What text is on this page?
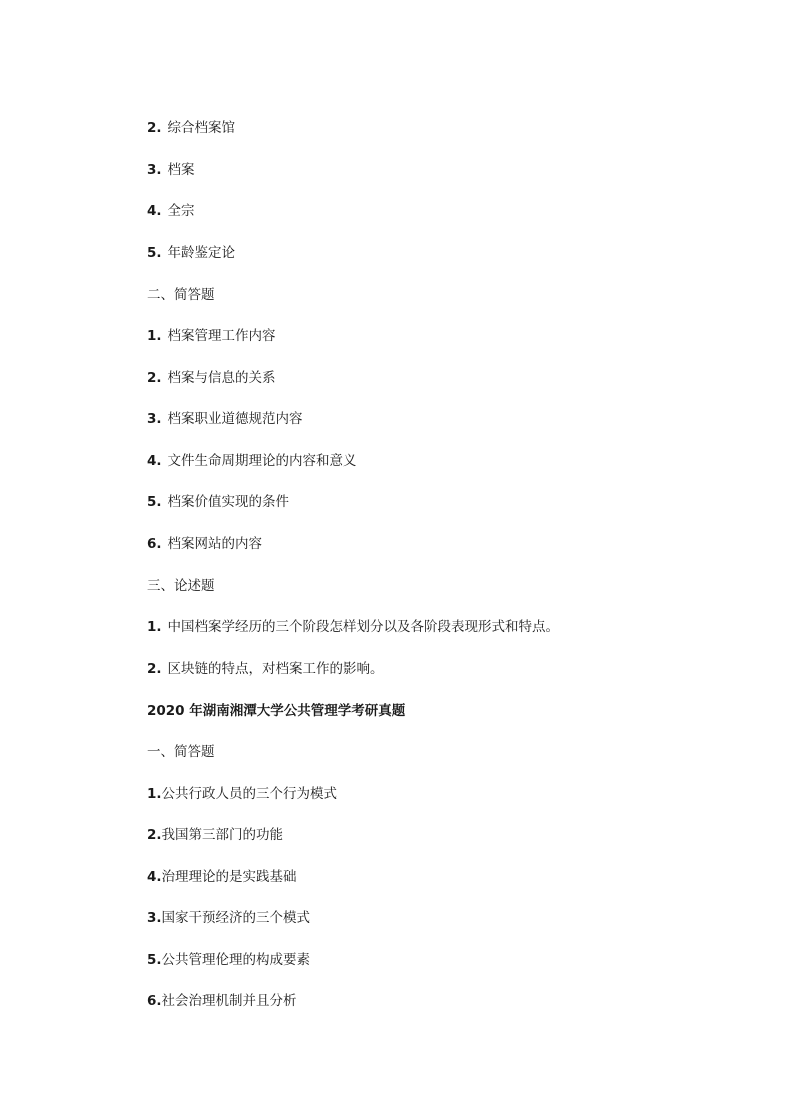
2. 综合档案馆
3. 档案
4. 全宗
5. 年龄鉴定论
二、简答题
1. 档案管理工作内容
2. 档案与信息的关系
3. 档案职业道德规范内容
4. 文件生命周期理论的内容和意义
5. 档案价值实现的条件
6. 档案网站的内容
三、论述题
1. 中国档案学经历的三个阶段怎样划分以及各阶段表现形式和特点。
2. 区块链的特点，对档案工作的影响。
2020 年湖南湘潭大学公共管理学考研真题
一、简答题
1.公共行政人员的三个行为模式
2.我国第三部门的功能
4.治理理论的是实践基础
3.国家干预经济的三个模式
5.公共管理伦理的构成要素
6.社会治理机制并且分析
